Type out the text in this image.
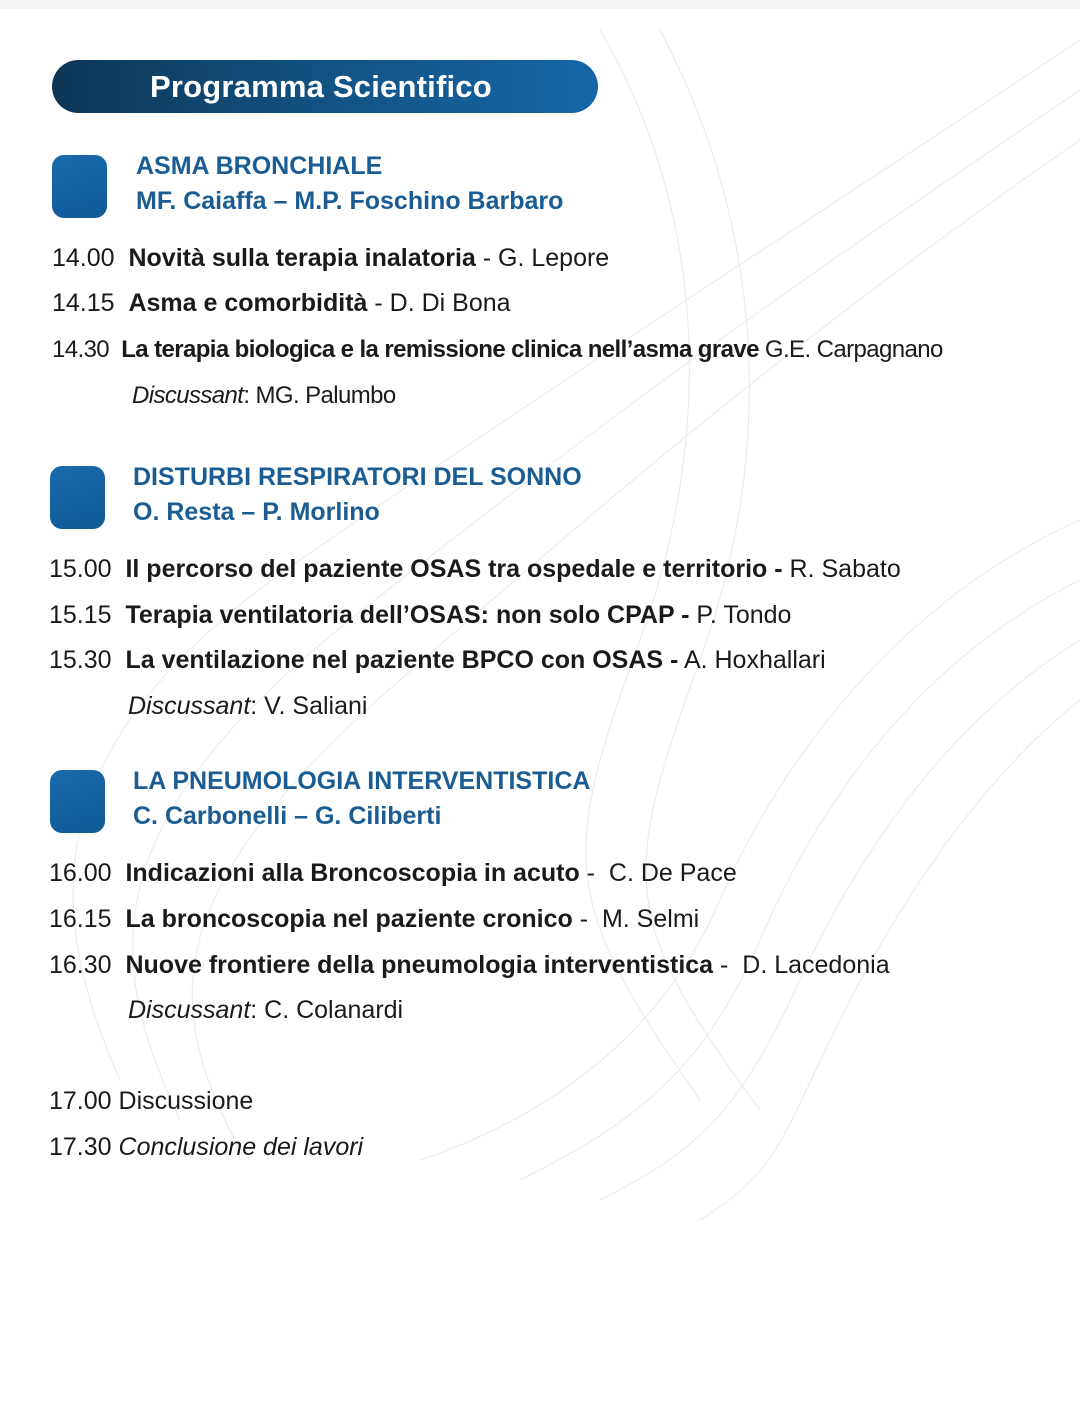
Programma Scientifico
ASMA BRONCHIALE
MF. Caiaffa – M.P. Foschino Barbaro
14.00 Novità sulla terapia inalatoria - G. Lepore
14.15 Asma e comorbidità - D. Di Bona
14.30 La terapia biologica e la remissione clinica nell’asma grave G.E. Carpagnano
Discussant: MG. Palumbo
DISTURBI RESPIRATORI DEL SONNO
O. Resta – P. Morlino
15.00 Il percorso del paziente OSAS tra ospedale e territorio - R. Sabato
15.15 Terapia ventilatoria dell’OSAS: non solo CPAP - P. Tondo
15.30 La ventilazione nel paziente BPCO con OSAS - A. Hoxhallari
Discussant: V. Saliani
LA PNEUMOLOGIA INTERVENTISTICA
C. Carbonelli – G. Ciliberti
16.00 Indicazioni alla Broncoscopia in acuto -  C. De Pace
16.15 La broncoscopia nel paziente cronico -  M. Selmi
16.30 Nuove frontiere della pneumologia interventistica -  D. Lacedonia
Discussant: C. Colanardi
17.00 Discussione
17.30 Conclusione dei lavori
